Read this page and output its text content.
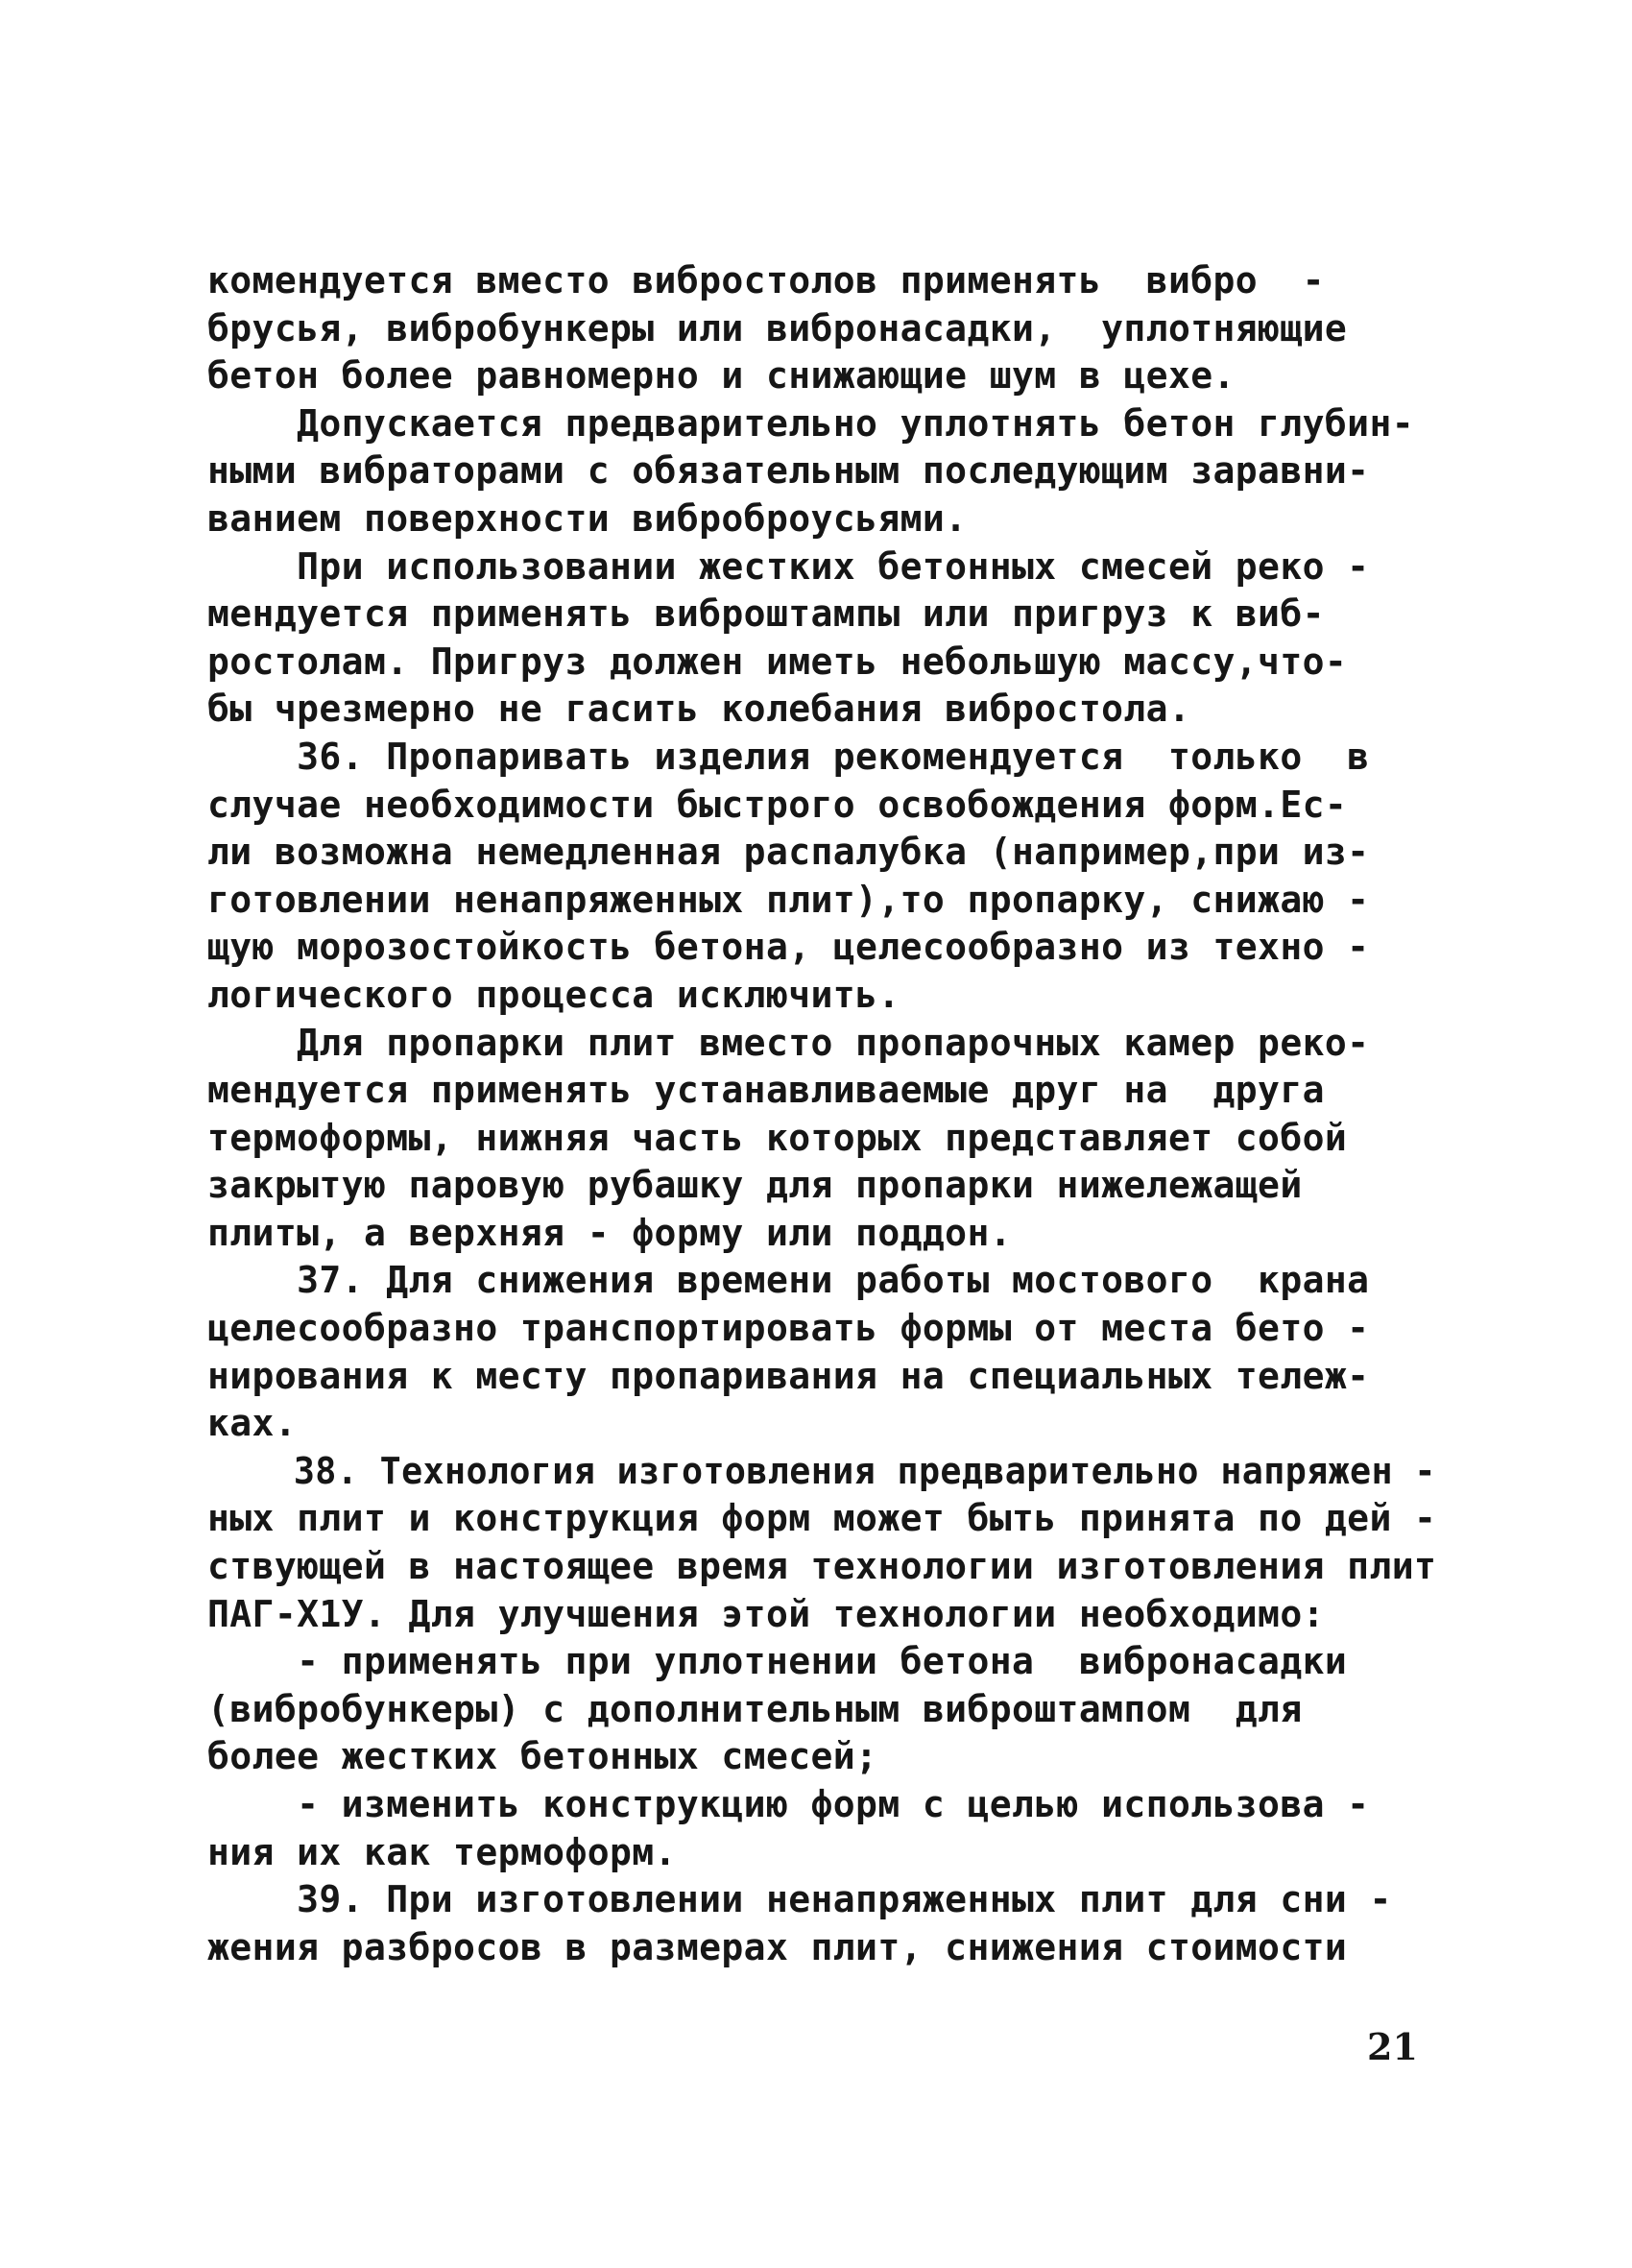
комендуется вместо вибростолов применять  вибро  -
брусья, вибробункеры или вибронасадки,  уплотняющие
бетон более равномерно и снижающие шум в цехе.
Допускается предварительно уплотнять бетон глубин-
ными вибраторами с обязательным последующим заравни-
ванием поверхности виброброусьями.
При использовании жестких бетонных смесей реко -
мендуется применять виброштампы или пригруз к виб-
ростолам. Пригруз должен иметь небольшую массу,что-
бы чрезмерно не гасить колебания вибростола.
36. Пропаривать изделия рекомендуется  только  в
случае необходимости быстрого освобождения форм.Ес-
ли возможна немедленная распалубка (например,при из-
готовлении ненапряженных плит),то пропарку, снижаю -
щую морозостойкость бетона, целесообразно из техно -
логического процесса исключить.
Для пропарки плит вместо пропарочных камер реко-
мендуется применять устанавливаемые друг на  друга
термоформы, нижняя часть которых представляет собой
закрытую паровую рубашку для пропарки нижележащей
плиты, а верхняя - форму или поддон.
37. Для снижения времени работы мостового  крана
целесообразно транспортировать формы от места бето -
нирования к месту пропаривания на специальных тележ-
ках.
38. Технология изготовления предварительно напряжен -
ных плит и конструкция форм может быть принята по дей -
ствующей в настоящее время технологии изготовления плит
ПАГ-Х1У. Для улучшения этой технологии необходимо:
- применять при уплотнении бетона  вибронасадки
(вибробункеры) с дополнительным виброштампом  для
более жестких бетонных смесей;
- изменить конструкцию форм с целью использова -
ния их как термоформ.
39. При изготовлении ненапряженных плит для сни -
жения разбросов в размерах плит, снижения стоимости
21
